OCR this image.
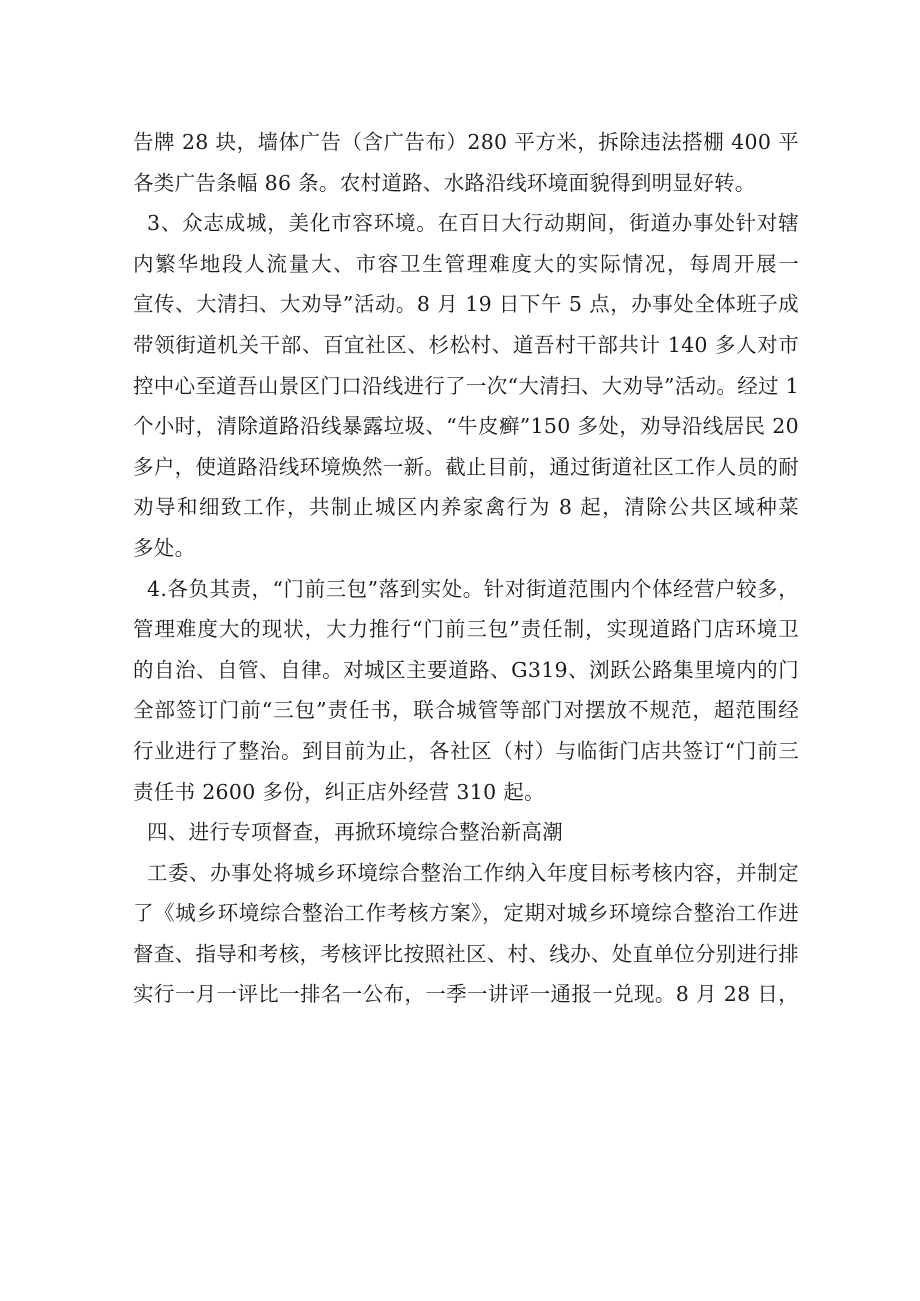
告牌 28 块，墙体广告（含广告布）280 平方米，拆除违法搭棚 400 平
各类广告条幅 86 条。农村道路、水路沿线环境面貌得到明显好转。
3、众志成城，美化市容环境。在百日大行动期间，街道办事处针对辖
内繁华地段人流量大、市容卫生管理难度大的实际情况，每周开展一
宣传、大清扫、大劝导”活动。8 月 19 日下午 5 点，办事处全体班子成
带领街道机关干部、百宜社区、杉松村、道吾村干部共计 140 多人对市
控中心至道吾山景区门口沿线进行了一次“大清扫、大劝导”活动。经过 1
个小时，清除道路沿线暴露垃圾、“牛皮癣”150 多处，劝导沿线居民 20
多户，使道路沿线环境焕然一新。截止目前，通过街道社区工作人员的耐
劝导和细致工作，共制止城区内养家禽行为 8 起，清除公共区域种菜
多处。
4.各负其责，“门前三包”落到实处。针对街道范围内个体经营户较多，
管理难度大的现状，大力推行“门前三包”责任制，实现道路门店环境卫
的自治、自管、自律。对城区主要道路、G319、浏跃公路集里境内的门
全部签订门前“三包”责任书，联合城管等部门对摆放不规范，超范围经
行业进行了整治。到目前为止，各社区（村）与临街门店共签订“门前三
责任书 2600 多份，纠正店外经营 310 起。
四、进行专项督查，再掀环境综合整治新高潮
工委、办事处将城乡环境综合整治工作纳入年度目标考核内容，并制定
了《城乡环境综合整治工作考核方案》，定期对城乡环境综合整治工作进
督查、指导和考核，考核评比按照社区、村、线办、处直单位分别进行排
实行一月一评比一排名一公布，一季一讲评一通报一兑现。8 月 28 日，
